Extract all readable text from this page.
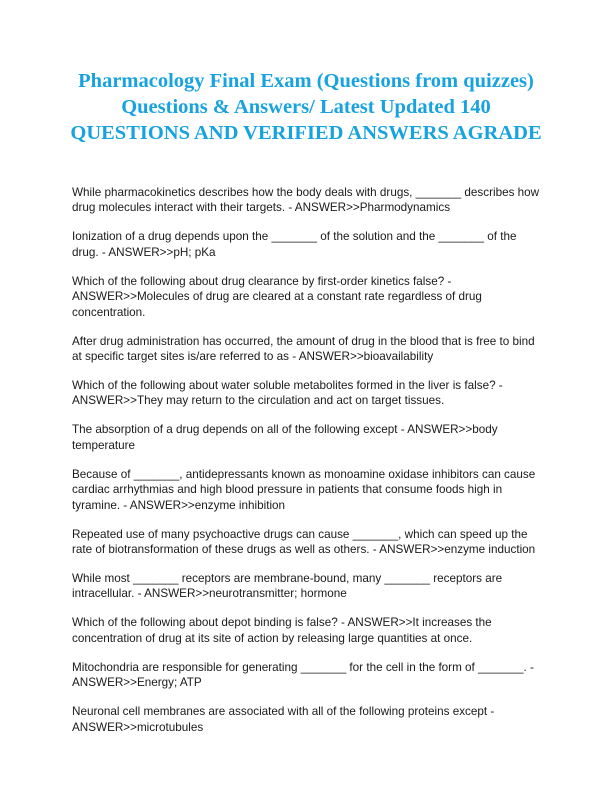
Pharmacology Final Exam (Questions from quizzes) Questions & Answers/ Latest Updated 140 QUESTIONS AND VERIFIED ANSWERS AGRADE
While pharmacokinetics describes how the body deals with drugs, _______ describes how drug molecules interact with their targets. - ANSWER>>Pharmodynamics
Ionization of a drug depends upon the _______ of the solution and the _______ of the drug. - ANSWER>>pH; pKa
Which of the following about drug clearance by first-order kinetics false? - ANSWER>>Molecules of drug are cleared at a constant rate regardless of drug concentration.
After drug administration has occurred, the amount of drug in the blood that is free to bind at specific target sites is/are referred to as - ANSWER>>bioavailability
Which of the following about water soluble metabolites formed in the liver is false? - ANSWER>>They may return to the circulation and act on target tissues.
The absorption of a drug depends on all of the following except - ANSWER>>body temperature
Because of _______, antidepressants known as monoamine oxidase inhibitors can cause cardiac arrhythmias and high blood pressure in patients that consume foods high in tyramine. - ANSWER>>enzyme inhibition
Repeated use of many psychoactive drugs can cause _______, which can speed up the rate of biotransformation of these drugs as well as others. - ANSWER>>enzyme induction
While most _______ receptors are membrane-bound, many _______ receptors are intracellular. - ANSWER>>neurotransmitter; hormone
Which of the following about depot binding is false? - ANSWER>>It increases the concentration of drug at its site of action by releasing large quantities at once.
Mitochondria are responsible for generating _______ for the cell in the form of _______. - ANSWER>>Energy; ATP
Neuronal cell membranes are associated with all of the following proteins except - ANSWER>>microtubules
